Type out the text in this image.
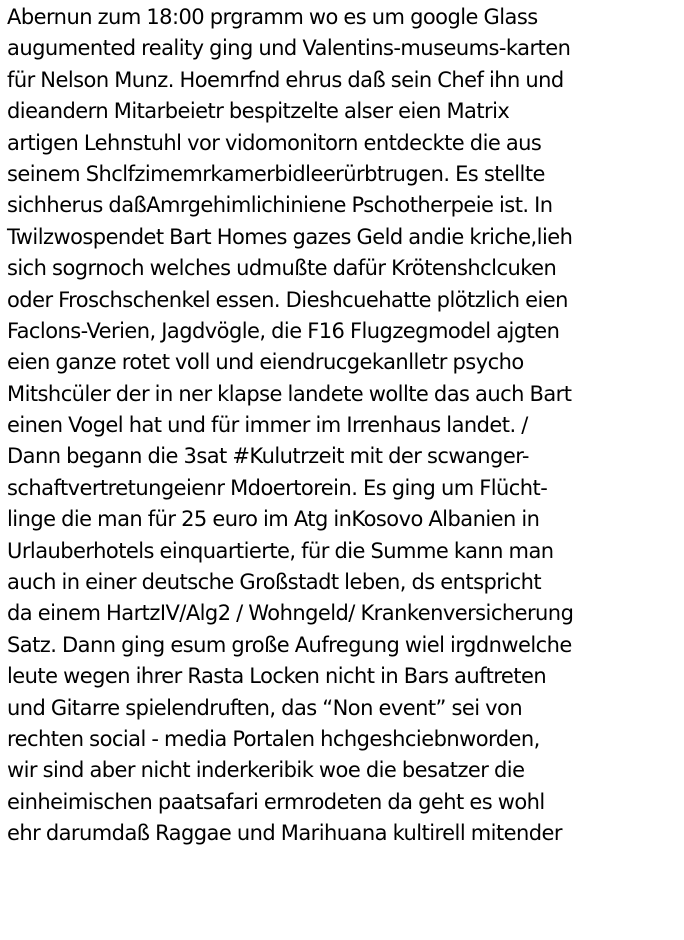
Abernun zum 18:00 prgramm wo es um google Glass
augumented reality ging und Valentins-museums-karten
für Nelson Munz. Hoemrfnd ehrus daß sein Chef ihn und
dieandern Mitarbeietr bespitzelte alser eien Matrix
artigen Lehnstuhl vor vidomonitorn entdeckte die aus
seinem Shclfzimemrkamerbidleerürbtrugen. Es stellte
sichherus daßAmrgehimlichiniene Pschotherpeie ist. In
Twilzwospendet Bart Homes gazes Geld andie kriche,lieh
sich sogrnoch welches udmußte dafür Krötenshclcuken
oder Froschschenkel essen. Dieshcuehatte plötzlich eien
Faclons-Verien, Jagdvögle, die F16 Flugzegmodel ajgten
eien ganze rotet voll und eiendrucgekanlletr psycho
Mitshcüler der in ner klapse landete wollte das auch Bart
einen Vogel hat und für immer im Irrenhaus landet. /
Dann begann die 3sat #Kulutrzeit mit der scwanger-
schaftvertretungeienr Mdoertorein. Es ging um Flücht-
linge die man für 25 euro im Atg inKosovo Albanien in
Urlauberhotels einquartierte, für die Summe kann man
auch in einer deutsche Großstadt leben, ds entspricht
da einem HartzIV/Alg2 / Wohngeld/ Krankenversicherung
Satz. Dann ging esum große Aufregung wiel irgdnwelche
leute wegen ihrer Rasta Locken nicht in Bars auftreten
und Gitarre spielendruften, das “Non event” sei von
rechten social - media Portalen hchgeshciebnworden,
wir sind aber nicht inderkeribik woe die besatzer die
einheimischen paatsafari ermrodeten da geht es wohl
ehr darumdaß Raggae und Marihuana kultirell mitender
